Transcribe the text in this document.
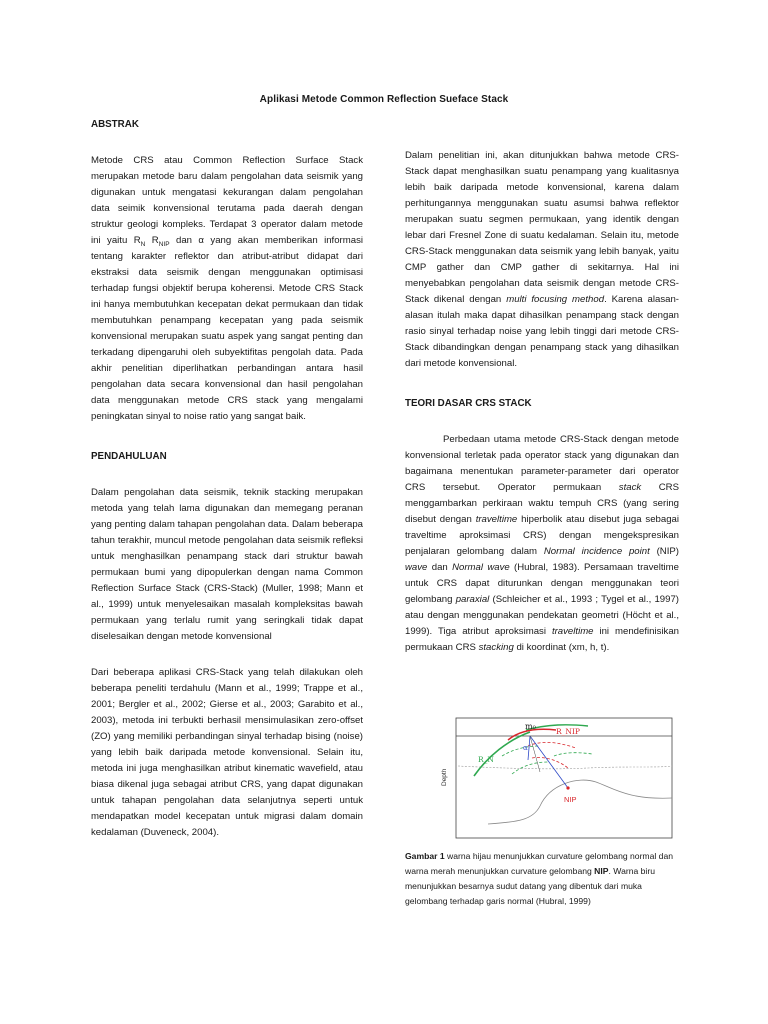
Aplikasi Metode Common Reflection Sueface Stack
ABSTRAK

Metode CRS atau Common Reflection Surface Stack merupakan metode baru dalam pengolahan data seismik yang digunakan untuk mengatasi kekurangan dalam pengolahan data seimik konvensional terutama pada daerah dengan struktur geologi kompleks. Terdapat 3 operator dalam metode ini yaitu $R_N$ $R_{NIP}$ dan α yang akan memberikan informasi tentang karakter reflektor dan atribut-atribut didapat dari ekstraksi data seismik dengan menggunakan optimisasi terhadap fungsi objektif berupa koherensi. Metode CRS Stack ini hanya membutuhkan kecepatan dekat permukaan dan tidak membutuhkan penampang kecepatan yang pada seismik konvensional merupakan suatu aspek yang sangat penting dan terkadang dipengaruhi oleh subyektifitas pengolah data. Pada akhir penelitian diperlihatkan perbandingan antara hasil pengolahan data secara konvensional dan hasil pengolahan data menggunakan metode CRS stack yang mengalami peningkatan sinyal to noise ratio yang sangat baik.

PENDAHULUAN

Dalam pengolahan data seismik, teknik stacking merupakan metoda yang telah lama digunakan dan memegang peranan yang penting dalam tahapan pengolahan data. Dalam beberapa tahun terakhir, muncul metode pengolahan data seismik refleksi untuk menghasilkan penampang stack dari struktur bawah permukaan bumi yang dipopulerkan dengan nama Common Reflection Surface Stack (CRS-Stack) (Muller, 1998; Mann et al., 1999) untuk menyelesaikan masalah kompleksitas bawah permukaan yang terlalu rumit yang seringkali tidak dapat diselesaikan dengan metode konvensional

Dari beberapa aplikasi CRS-Stack yang telah dilakukan oleh beberapa peneliti terdahulu (Mann et al., 1999; Trappe et al., 2001; Bergler et al., 2002; Gierse et al., 2003; Garabito et al., 2003), metoda ini terbukti berhasil mensimulasikan zero-offset (ZO) yang memiliki perbandingan sinyal terhadap bising (noise) yang lebih baik daripada metode konvensional. Selain itu, metoda ini juga menghasilkan atribut kinematic wavefield, atau biasa dikenal juga sebagai atribut CRS, yang dapat digunakan untuk tahapan pengolahan data selanjutnya seperti untuk mendapatkan model kecepatan untuk migrasi dalam domain kedalaman (Duveneck, 2004).

Dalam penelitian ini, akan ditunjukkan bahwa metode CRS-Stack dapat menghasilkan suatu penampang yang kualitasnya lebih baik daripada metode konvensional, karena dalam perhitungannya menggunakan suatu asumsi bahwa reflektor merupakan suatu segmen permukaan, yang identik dengan lebar dari Fresnel Zone di suatu kedalaman. Selain itu, metode CRS-Stack menggunakan data seismik yang lebih banyak, yaitu CMP gather dan CMP gather di sekitarnya. Hal ini menyebabkan pengolahan data seismik dengan metode CRS-Stack dikenal dengan multi focusing method. Karena alasan-alasan itulah maka dapat dihasilkan penampang stack dengan rasio sinyal terhadap noise yang lebih tinggi dari metode CRS-Stack dibandingkan dengan penampang stack yang dihasilkan dari metode konvensional.

TEORI DASAR CRS STACK

Perbedaan utama metode CRS-Stack dengan metode konvensional terletak pada operator stack yang digunakan dan bagaimana menentukan parameter-parameter dari operator CRS tersebut. Operator permukaan stack CRS menggambarkan perkiraan waktu tempuh CRS (yang sering disebut dengan traveltime hiperbolik atau disebut juga sebagai traveltime aproksimasi CRS) dengan mengekspresikan penjalaran gelombang dalam Normal incidence point (NIP) wave dan Normal wave (Hubral, 1983). Persamaan traveltime untuk CRS dapat diturunkan dengan menggunakan teori gelombang paraxial (Schleicher et al., 1993 ; Tygel et al., 1997) atau dengan menggunakan pendekatan geometri (Höcht et al., 1999). Tiga atribut aproksimasi traveltime ini mendefinisikan permukaan CRS stacking di koordinat (xm, h, t).

m₀
R_NIP
R_N
α
NIP
Depth
Gambar 1 warna hijau menunjukkan curvature gelombang normal dan warna merah menunjukkan curvature gelombang NIP. Warna biru menunjukkan besarnya sudut datang yang dibentuk dari muka gelombang terhadap garis normal (Hubral, 1999)
